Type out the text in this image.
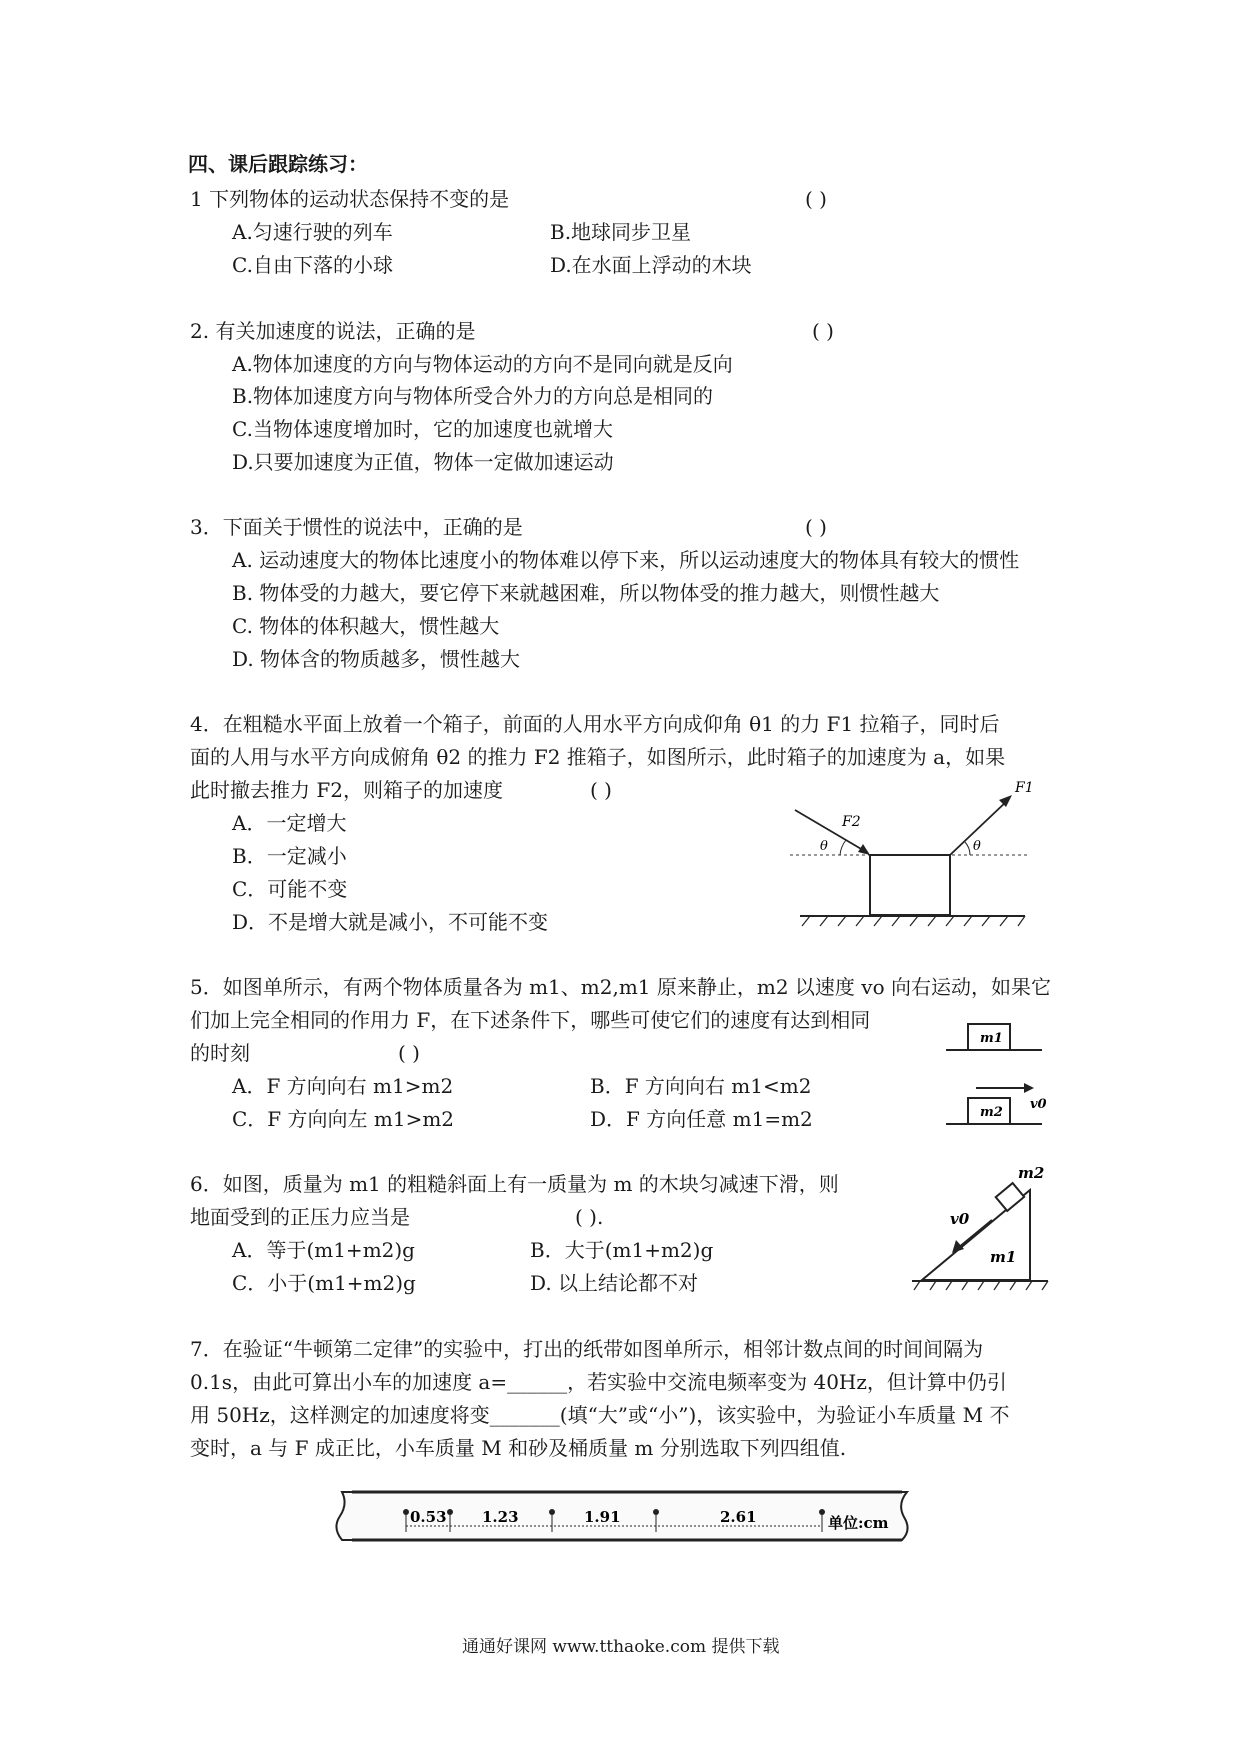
四、课后跟踪练习：
1 下列物体的运动状态保持不变的是	( )
A.匀速行驶的列车	B.地球同步卫星
C.自由下落的小球	D.在水面上浮动的木块
2. 有关加速度的说法，正确的是	( )
A.物体加速度的方向与物体运动的方向不是同向就是反向
B.物体加速度方向与物体所受合外力的方向总是相同的
C.当物体速度增加时，它的加速度也就增大
D.只要加速度为正值，物体一定做加速运动
3．下面关于惯性的说法中，正确的是	( )
A. 运动速度大的物体比速度小的物体难以停下来，所以运动速度大的物体具有较大的惯性
B. 物体受的力越大，要它停下来就越困难，所以物体受的推力越大，则惯性越大
C. 物体的体积越大，惯性越大
D. 物体含的物质越多，惯性越大
4．在粗糙水平面上放着一个箱子，前面的人用水平方向成仰角 θ1 的力 F1 拉箱子，同时后
面的人用与水平方向成俯角 θ2 的推力 F2 推箱子，如图所示，此时箱子的加速度为 a，如果
此时撤去推力 F2，则箱子的加速度	( )
A．一定增大
B．一定减小
C．可能不变
D．不是增大就是减小，不可能不变
F2
F1
θ	θ
5．如图单所示，有两个物体质量各为 m1、m2,m1 原来静止，m2 以速度 vo 向右运动，如果它
们加上完全相同的作用力 F，在下述条件下，哪些可使它们的速度有达到相同
的时刻	( )
A．F 方向向右 m1>m2	B．F 方向向右 m1<m2
C．F 方向向左 m1>m2	D．F 方向任意 m1=m2
m1
m2
v0
6．如图，质量为 m1 的粗糙斜面上有一质量为 m 的木块匀减速下滑，则
地面受到的正压力应当是	( ).
A．等于(m1+m2)g	B．大于(m1+m2)g
C．小于(m1+m2)g	D. 以上结论都不对
m2
v0
m1
7．在验证“牛顿第二定律”的实验中，打出的纸带如图单所示，相邻计数点间的时间间隔为
0.1s，由此可算出小车的加速度 a=______，若实验中交流电频率变为 40Hz，但计算中仍引
用 50Hz，这样测定的加速度将变_______(填“大”或“小”)，该实验中，为验证小车质量 M 不
变时，a 与 F 成正比，小车质量 M 和砂及桶质量 m 分别选取下列四组值.
0.53 1.23	1.91	2.61	单位:cm
通通好课网 www.tthaoke.com 提供下载
